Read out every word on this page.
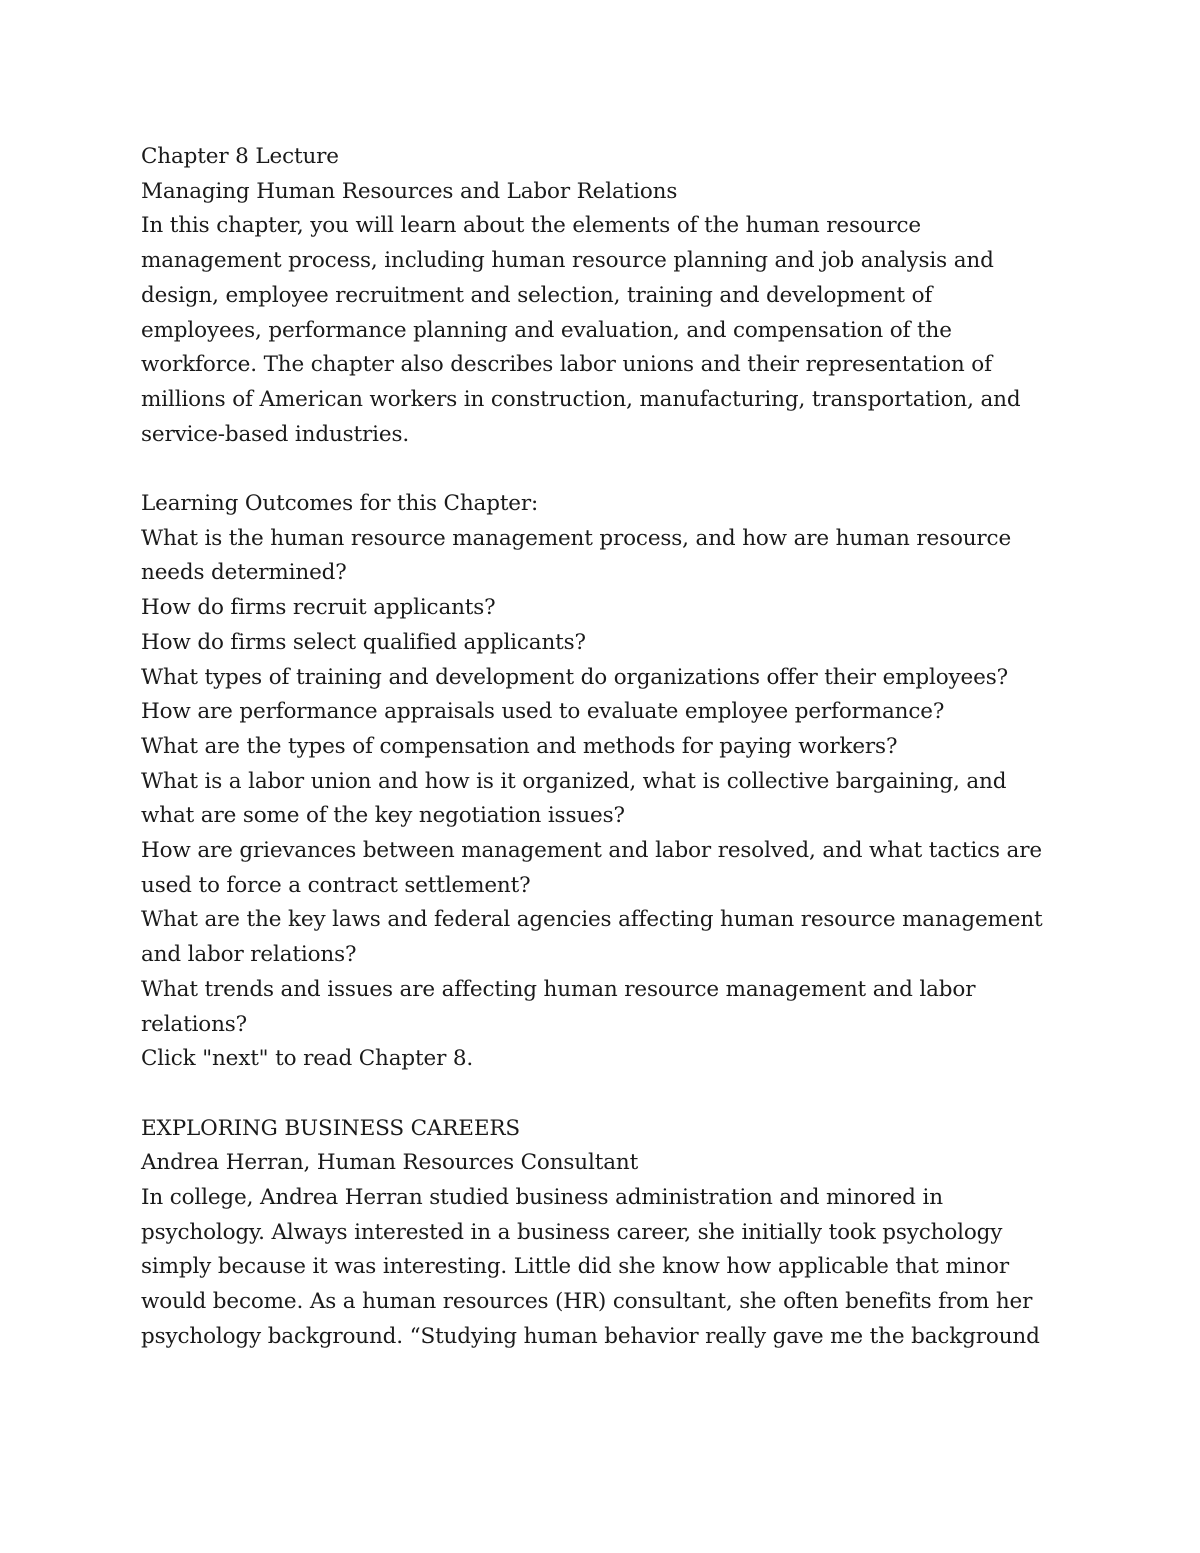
Chapter 8 Lecture
Managing Human Resources and Labor Relations
In this chapter, you will learn about the elements of the human resource
management process, including human resource planning and job analysis and
design, employee recruitment and selection, training and development of
employees, performance planning and evaluation, and compensation of the
workforce. The chapter also describes labor unions and their representation of
millions of American workers in construction, manufacturing, transportation, and
service-based industries.
Learning Outcomes for this Chapter:
What is the human resource management process, and how are human resource
needs determined?
How do firms recruit applicants?
How do firms select qualified applicants?
What types of training and development do organizations offer their employees?
How are performance appraisals used to evaluate employee performance?
What are the types of compensation and methods for paying workers?
What is a labor union and how is it organized, what is collective bargaining, and
what are some of the key negotiation issues?
How are grievances between management and labor resolved, and what tactics are
used to force a contract settlement?
What are the key laws and federal agencies affecting human resource management
and labor relations?
What trends and issues are affecting human resource management and labor
relations?
Click "next" to read Chapter 8.
EXPLORING BUSINESS CAREERS
Andrea Herran, Human Resources Consultant
In college, Andrea Herran studied business administration and minored in
psychology. Always interested in a business career, she initially took psychology
simply because it was interesting. Little did she know how applicable that minor
would become. As a human resources (HR) consultant, she often benefits from her
psychology background. “Studying human behavior really gave me the background
